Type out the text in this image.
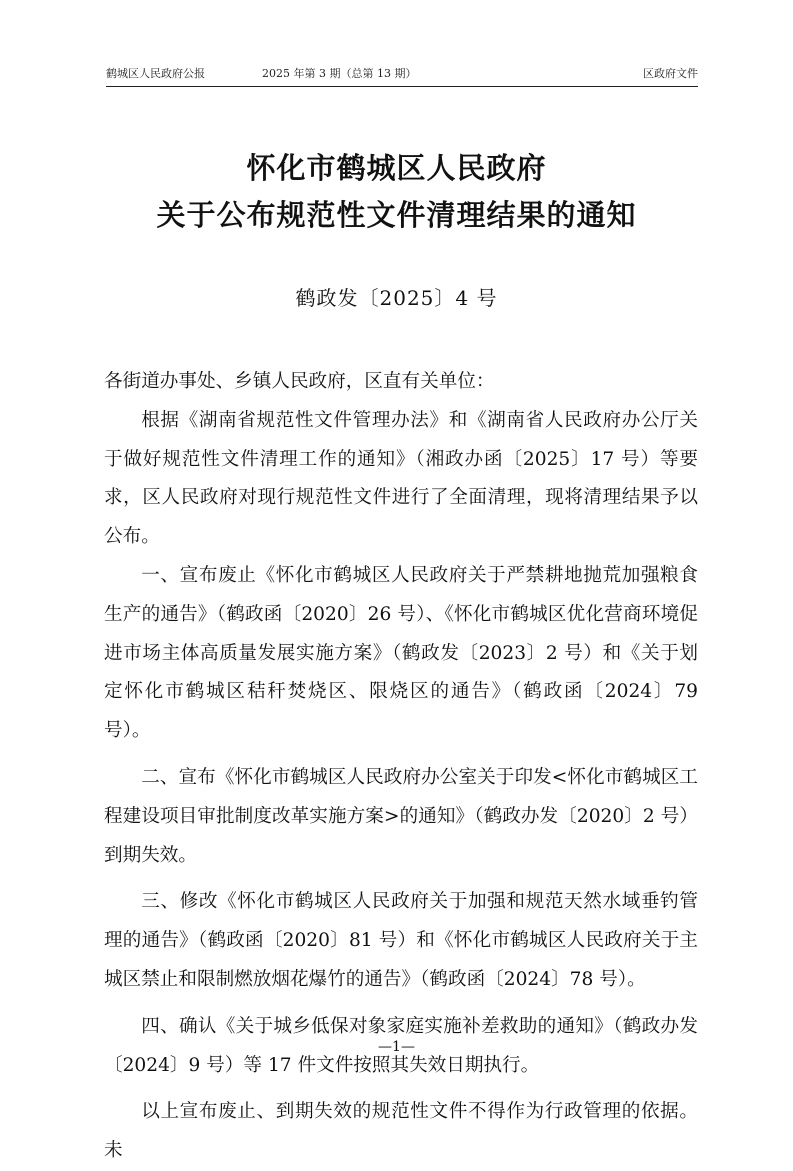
鹤城区人民政府公报	2025 年第 3 期（总第 13 期）	区政府文件
怀化市鹤城区人民政府
关于公布规范性文件清理结果的通知
鹤政发〔2025〕4 号

各街道办事处、乡镇人民政府，区直有关单位：

根据《湖南省规范性文件管理办法》和《湖南省人民政府办公厅关于做好规范性文件清理工作的通知》（湘政办函〔2025〕17 号）等要求，区人民政府对现行规范性文件进行了全面清理，现将清理结果予以公布。

一、宣布废止《怀化市鹤城区人民政府关于严禁耕地抛荒加强粮食生产的通告》（鹤政函〔2020〕26 号）、《怀化市鹤城区优化营商环境促进市场主体高质量发展实施方案》（鹤政发〔2023〕2 号）和《关于划定怀化市鹤城区秸秆焚烧区、限烧区的通告》（鹤政函〔2024〕79 号）。

二、宣布《怀化市鹤城区人民政府办公室关于印发<怀化市鹤城区工程建设项目审批制度改革实施方案>的通知》（鹤政办发〔2020〕2 号）到期失效。

三、修改《怀化市鹤城区人民政府关于加强和规范天然水域垂钓管理的通告》（鹤政函〔2020〕81 号）和《怀化市鹤城区人民政府关于主城区禁止和限制燃放烟花爆竹的通告》（鹤政函〔2024〕78 号）。

四、确认《关于城乡低保对象家庭实施补差救助的通知》（鹤政办发〔2024〕9 号）等 17 件文件按照其失效日期执行。

以上宣布废止、到期失效的规范性文件不得作为行政管理的依据。未

—1—
